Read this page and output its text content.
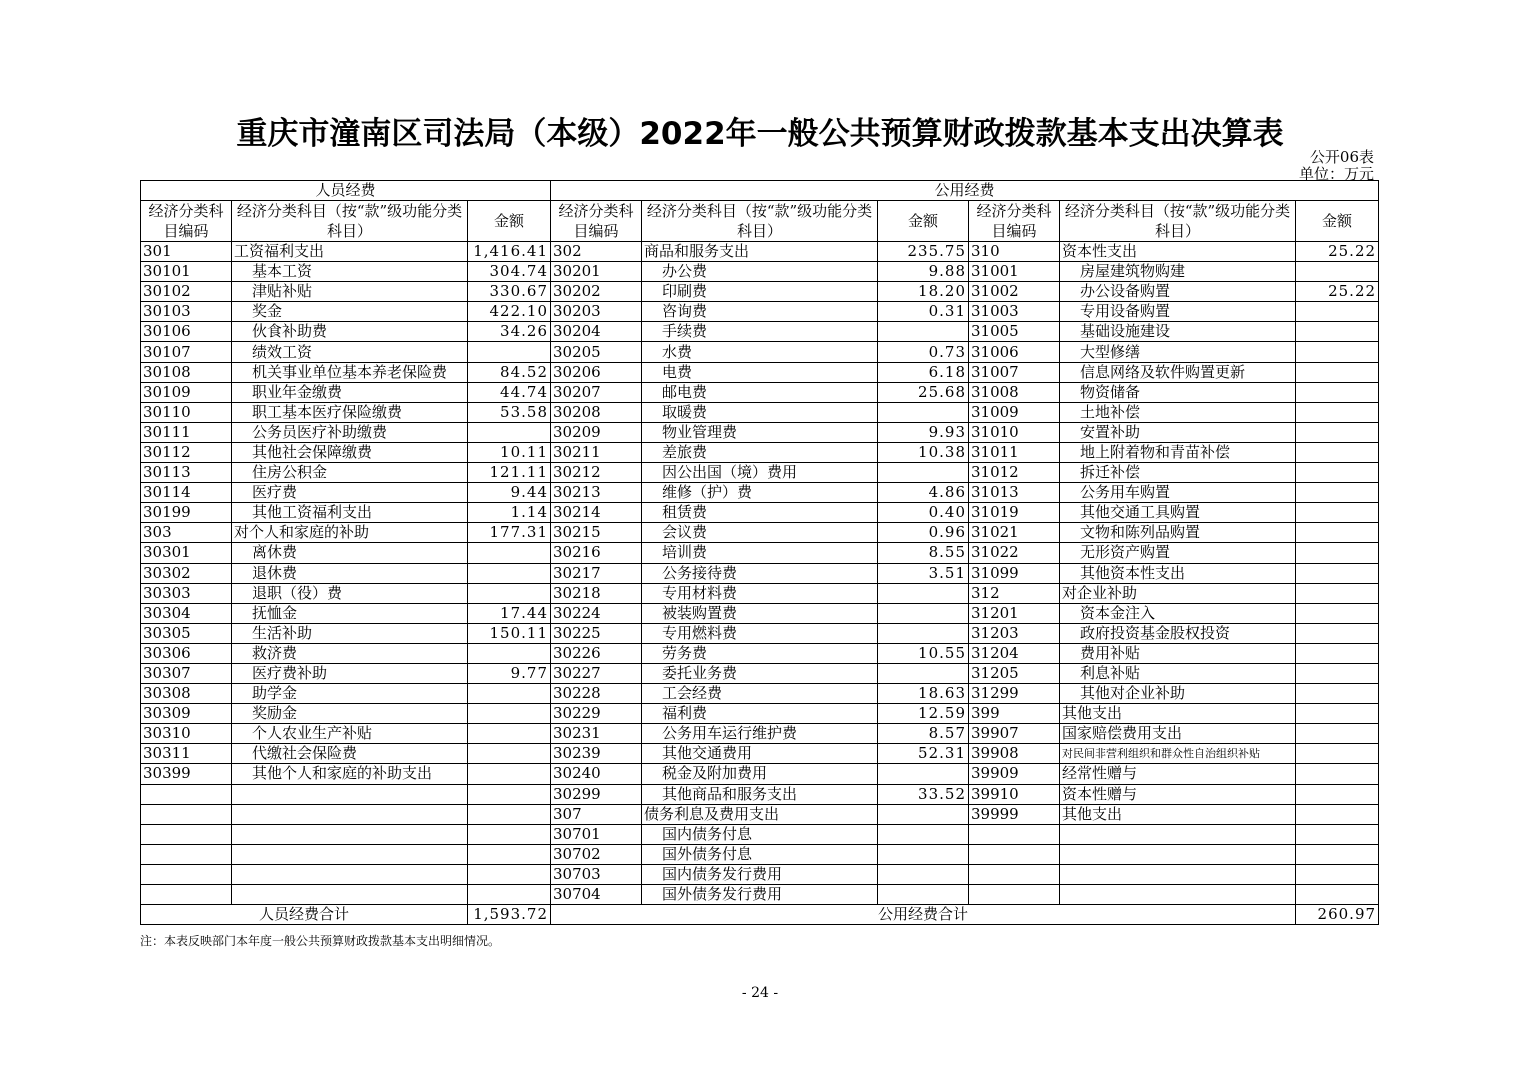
重庆市潼南区司法局（本级）2022年一般公共预算财政拨款基本支出决算表
公开06表
单位：万元
人员经费			公用经费					
经济分类科目编码	经济分类科目（按“款”级功能分类科目）	金额	经济分类科目编码	经济分类科目（按“款”级功能分类科目）	金额	经济分类科目编码	经济分类科目（按“款”级功能分类科目）	金额
301	工资福利支出	1,416.41	302	商品和服务支出	235.75	310	资本性支出	25.22
30101	基本工资	304.74	30201	办公费	9.88	31001	房屋建筑物购建	
30102	津贴补贴	330.67	30202	印刷费	18.20	31002	办公设备购置	25.22
30103	奖金	422.10	30203	咨询费	0.31	31003	专用设备购置	
30106	伙食补助费	34.26	30204	手续费		31005	基础设施建设	
30107	绩效工资		30205	水费	0.73	31006	大型修缮	
30108	机关事业单位基本养老保险费	84.52	30206	电费	6.18	31007	信息网络及软件购置更新	
30109	职业年金缴费	44.74	30207	邮电费	25.68	31008	物资储备	
30110	职工基本医疗保险缴费	53.58	30208	取暖费		31009	土地补偿	
30111	公务员医疗补助缴费		30209	物业管理费	9.93	31010	安置补助	
30112	其他社会保障缴费	10.11	30211	差旅费	10.38	31011	地上附着物和青苗补偿	
30113	住房公积金	121.11	30212	因公出国（境）费用		31012	拆迁补偿	
30114	医疗费	9.44	30213	维修（护）费	4.86	31013	公务用车购置	
30199	其他工资福利支出	1.14	30214	租赁费	0.40	31019	其他交通工具购置	
303	对个人和家庭的补助	177.31	30215	会议费	0.96	31021	文物和陈列品购置	
30301	离休费		30216	培训费	8.55	31022	无形资产购置	
30302	退休费		30217	公务接待费	3.51	31099	其他资本性支出	
30303	退职（役）费		30218	专用材料费		312	对企业补助	
30304	抚恤金	17.44	30224	被装购置费		31201	资本金注入	
30305	生活补助	150.11	30225	专用燃料费		31203	政府投资基金股权投资	
30306	救济费		30226	劳务费	10.55	31204	费用补贴	
30307	医疗费补助	9.77	30227	委托业务费		31205	利息补贴	
30308	助学金		30228	工会经费	18.63	31299	其他对企业补助	
30309	奖励金		30229	福利费	12.59	399	其他支出	
30310	个人农业生产补贴		30231	公务用车运行维护费	8.57	39907	国家赔偿费用支出	
30311	代缴社会保险费		30239	其他交通费用	52.31	39908	对民间非营利组织和群众性自治组织补贴	
30399	其他个人和家庭的补助支出		30240	税金及附加费用		39909	经常性赠与	
			30299	其他商品和服务支出	33.52	39910	资本性赠与	
			307	债务利息及费用支出		39999	其他支出	
			30701	国内债务付息				
			30702	国外债务付息				
			30703	国内债务发行费用				
			30704	国外债务发行费用				
人员经费合计		1,593.72	公用经费合计					260.97
注：本表反映部门本年度一般公共预算财政拨款基本支出明细情况。
- 24 -
